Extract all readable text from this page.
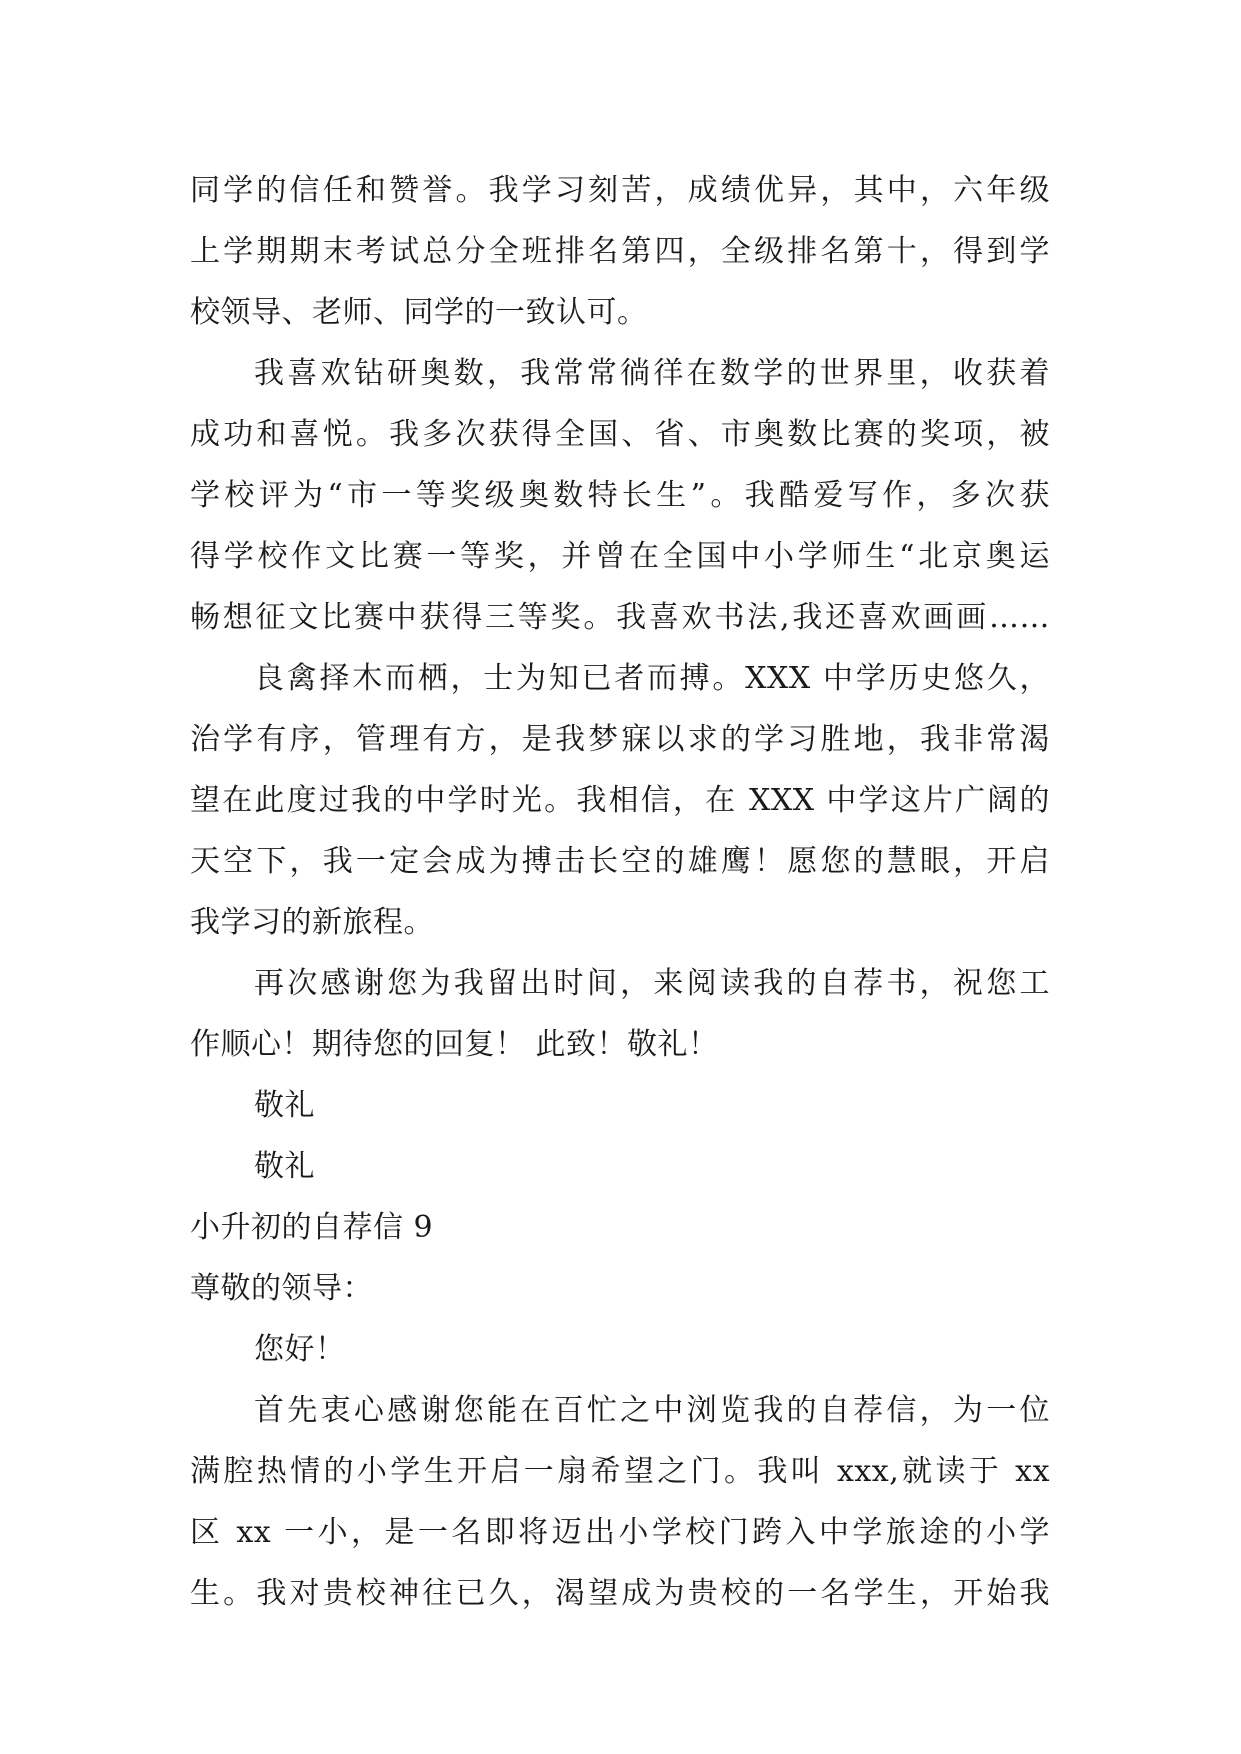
同学的信任和赞誉。我学习刻苦，成绩优异，其中，六年级
上学期期末考试总分全班排名第四，全级排名第十，得到学
校领导、老师、同学的一致认可。
我喜欢钻研奥数，我常常徜徉在数学的世界里，收获着
成功和喜悦。我多次获得全国、省、市奥数比赛的奖项，被
学校评为“市一等奖级奥数特长生”。我酷爱写作，多次获
得学校作文比赛一等奖，并曾在全国中小学师生“北京奥运
畅想征文比赛中获得三等奖。我喜欢书法,我还喜欢画画……
良禽择木而栖，士为知已者而搏。XXX 中学历史悠久，
治学有序，管理有方，是我梦寐以求的学习胜地，我非常渴
望在此度过我的中学时光。我相信，在 XXX 中学这片广阔的
天空下，我一定会成为搏击长空的雄鹰！愿您的慧眼，开启
我学习的新旅程。
再次感谢您为我留出时间，来阅读我的自荐书，祝您工
作顺心！期待您的回复！ 此致！敬礼！
敬礼
敬礼
小升初的自荐信 9
尊敬的领导：
您好！
首先衷心感谢您能在百忙之中浏览我的自荐信，为一位
满腔热情的小学生开启一扇希望之门。我叫 xxx,就读于 xx
区 xx 一小，是一名即将迈出小学校门跨入中学旅途的小学
生。我对贵校神往已久，渴望成为贵校的一名学生，开始我
